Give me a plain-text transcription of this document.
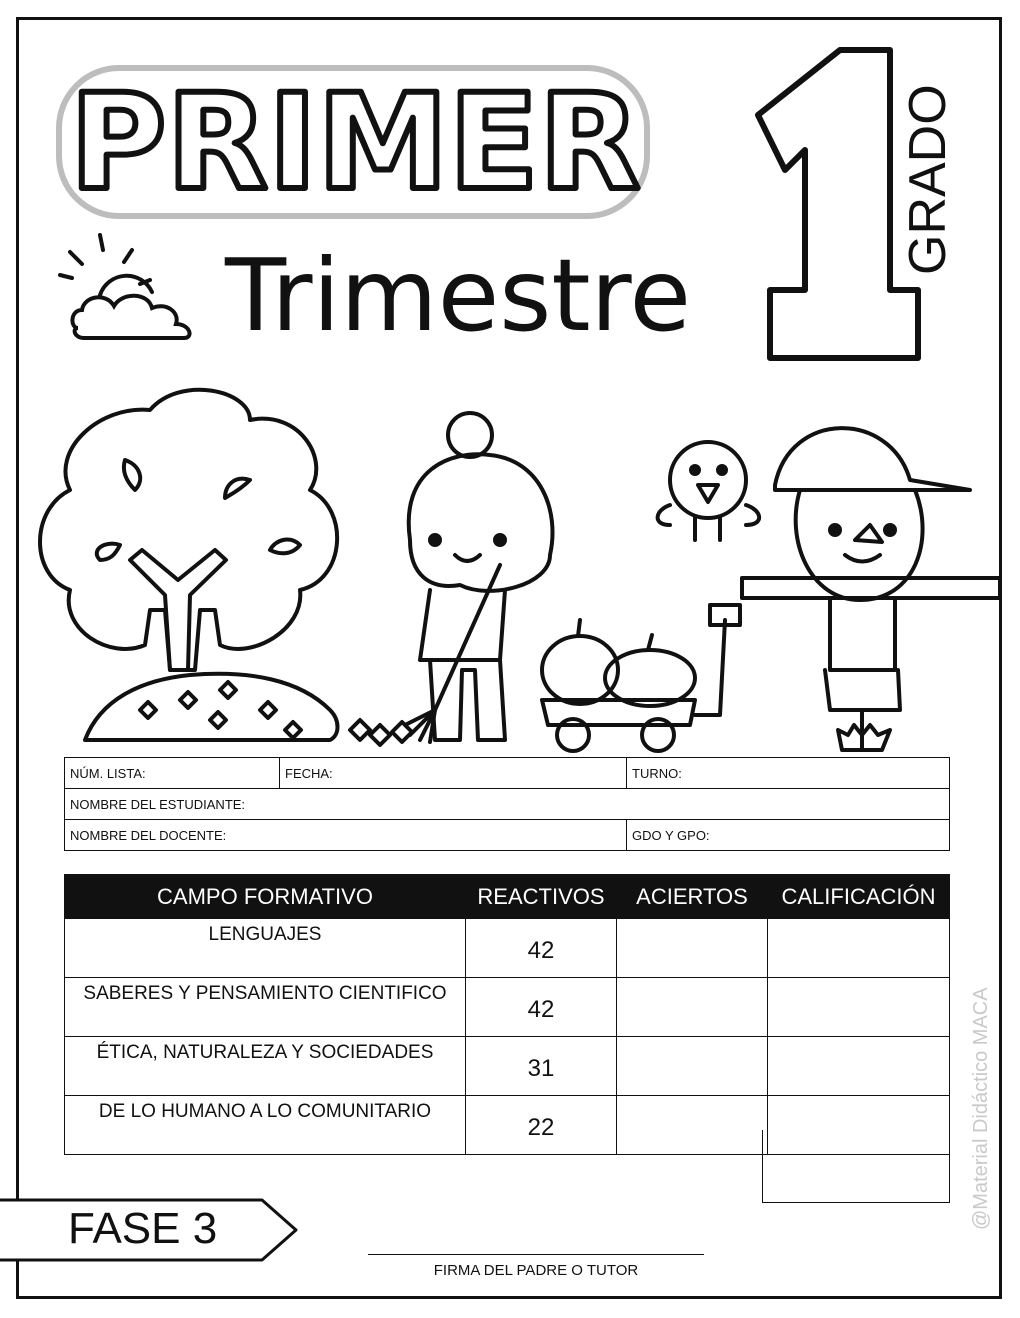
PRIMER	GRADO
Trimestre
NÚM. LISTA:	FECHA:	TURNO:
NOMBRE DEL ESTUDIANTE:		
NOMBRE DEL DOCENTE:		GDO Y GPO:
CAMPO FORMATIVO	REACTIVOS	ACIERTOS	CALIFICACIÓN
LENGUAJES	42		
SABERES Y PENSAMIENTO CIENTIFICO	42		
ÉTICA, NATURALEZA Y SOCIEDADES	31		
DE LO HUMANO A LO COMUNITARIO	22			@Material Didáctico MACA
FASE 3
FIRMA DEL PADRE O TUTOR
